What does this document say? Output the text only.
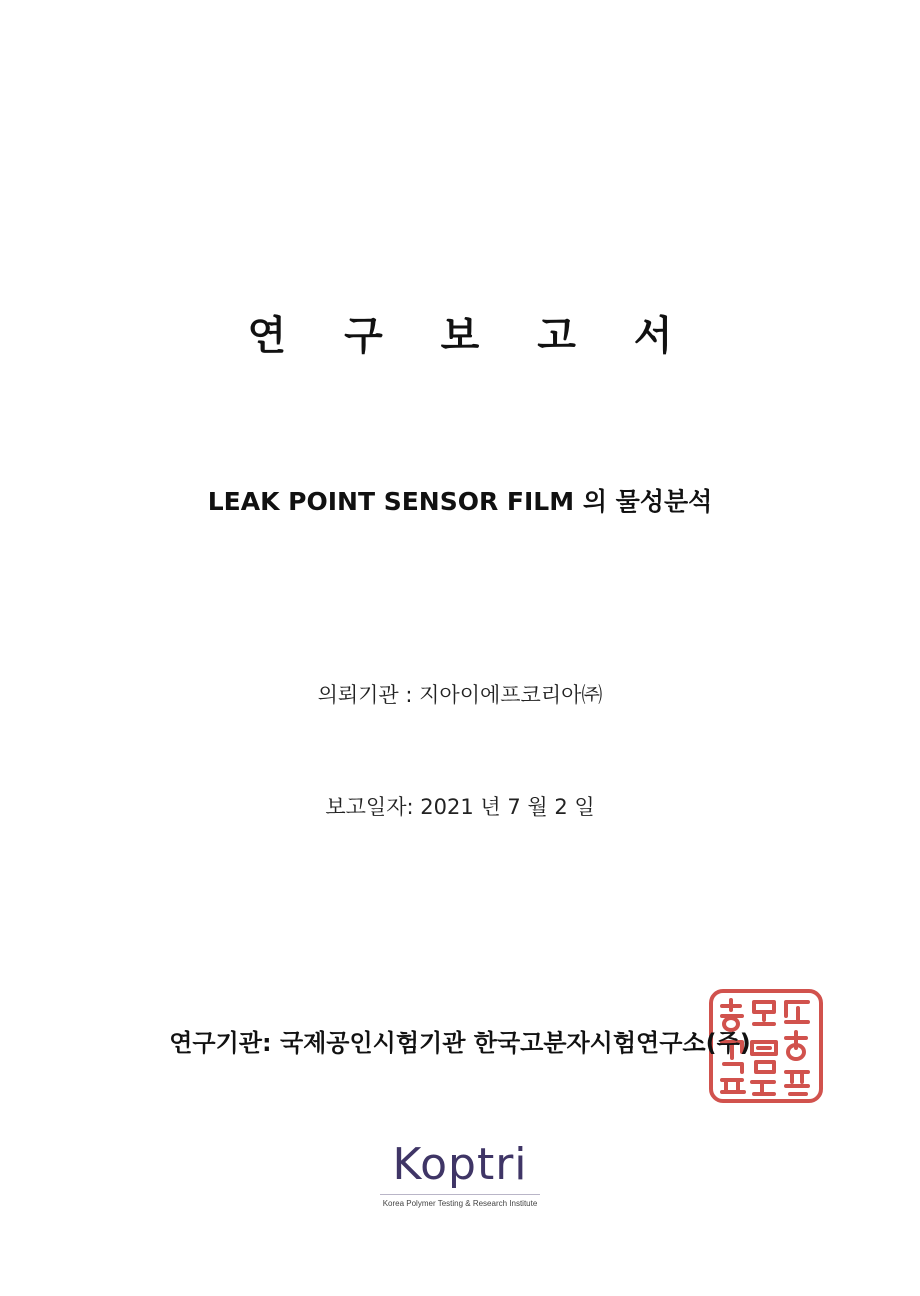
연 구 보 고 서
LEAK POINT SENSOR FILM 의 물성분석
의뢰기관 : 지아이에프코리아㈜
보고일자: 2021 년 7 월 2 일
연구기관: 국제공인시험기관 한국고분자시험연구소(주)
Koptri
Korea Polymer Testing & Research Institute
